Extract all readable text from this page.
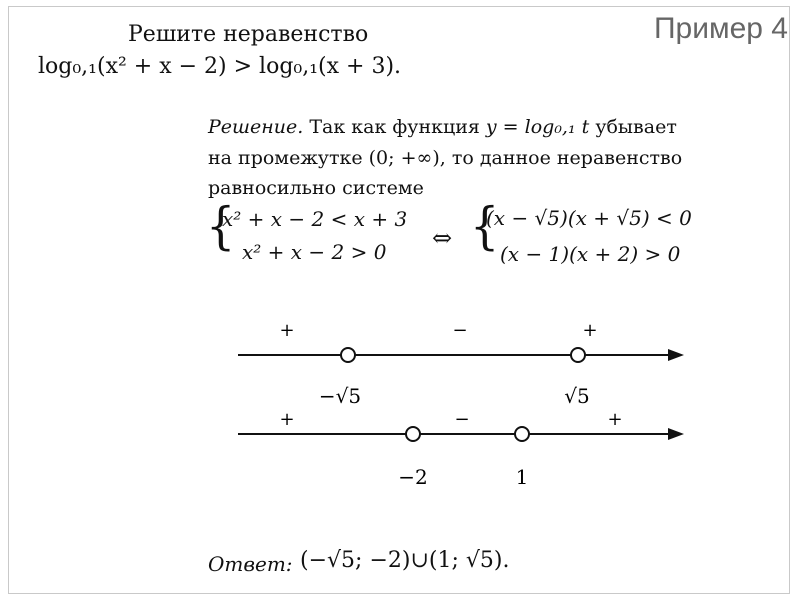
Пример 4
Решите неравенство
log₀,₁(x² + x − 2) > log₀,₁(x + 3).
Решение. Так как функция y = log₀,₁ t убывает
на промежутке (0; +∞), то данное неравенство
равносильно системе
{
x² + x − 2 < x + 3
x² + x − 2 > 0 ⇔ {
(x − √5)(x + √5) < 0
(x − 1)(x + 2) > 0
+	−	+
−√5	√5
+	−	+
−2	1
Ответ: (−√5; −2)∪(1; √5).
